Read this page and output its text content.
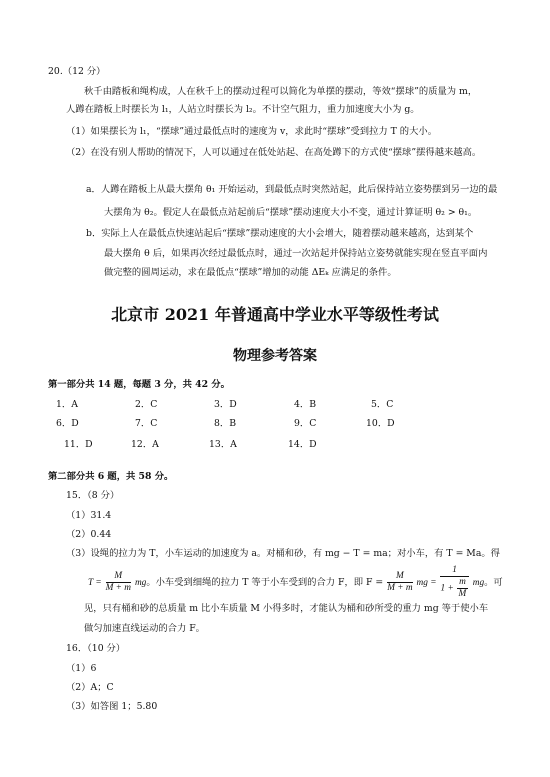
20.（12 分）
秋千由踏板和绳构成，人在秋千上的摆动过程可以简化为单摆的摆动，等效“摆球”的质量为 m，
人蹲在踏板上时摆长为 l₁，人站立时摆长为 l₂。不计空气阻力，重力加速度大小为 g。
（1）如果摆长为 l₁，“摆球”通过最低点时的速度为 v，求此时“摆球”受到拉力 T 的大小。
（2）在没有别人帮助的情况下，人可以通过在低处站起、在高处蹲下的方式使“摆球”摆得越来越高。
a．人蹲在踏板上从最大摆角 θ₁ 开始运动，到最低点时突然站起，此后保持站立姿势摆到另一边的最
大摆角为 θ₂。假定人在最低点站起前后“摆球”摆动速度大小不变，通过计算证明 θ₂ > θ₁。
b．实际上人在最低点快速站起后“摆球”摆动速度的大小会增大，随着摆动越来越高，达到某个
最大摆角 θ 后，如果再次经过最低点时，通过一次站起并保持站立姿势就能实现在竖直平面内
做完整的圆周运动，求在最低点“摆球”增加的动能 ΔEₖ 应满足的条件。
北京市 2021 年普通高中学业水平等级性考试
物理参考答案
第一部分共 14 题，每题 3 分，共 42 分。
1．A	2．C	3．D	4．B	5．C
6．D	7．C	8．B	9．C	10．D
11．D	12．A	13．A	14．D
第二部分共 6 题，共 58 分。
15．（8 分）
（1）31.4
（2）0.44
（3）设绳的拉力为 T，小车运动的加速度为 a。对桶和砂，有 mg − T = ma；对小车，有 T = Ma。得
$T = \frac{M}{M + m}$ mg。小车受到细绳的拉力 T 等于小车受到的合力 F，即 $F = \frac{M}{M + m}$ mg = $\frac{1}{1 + \frac{m}{M}}$ mg。可
见，只有桶和砂的总质量 m 比小车质量 M 小得多时，才能认为桶和砂所受的重力 mg 等于使小车
做匀加速直线运动的合力 F。
16．（10 分）
（1）6
（2）A；C
（3）如答图 1；5.80
